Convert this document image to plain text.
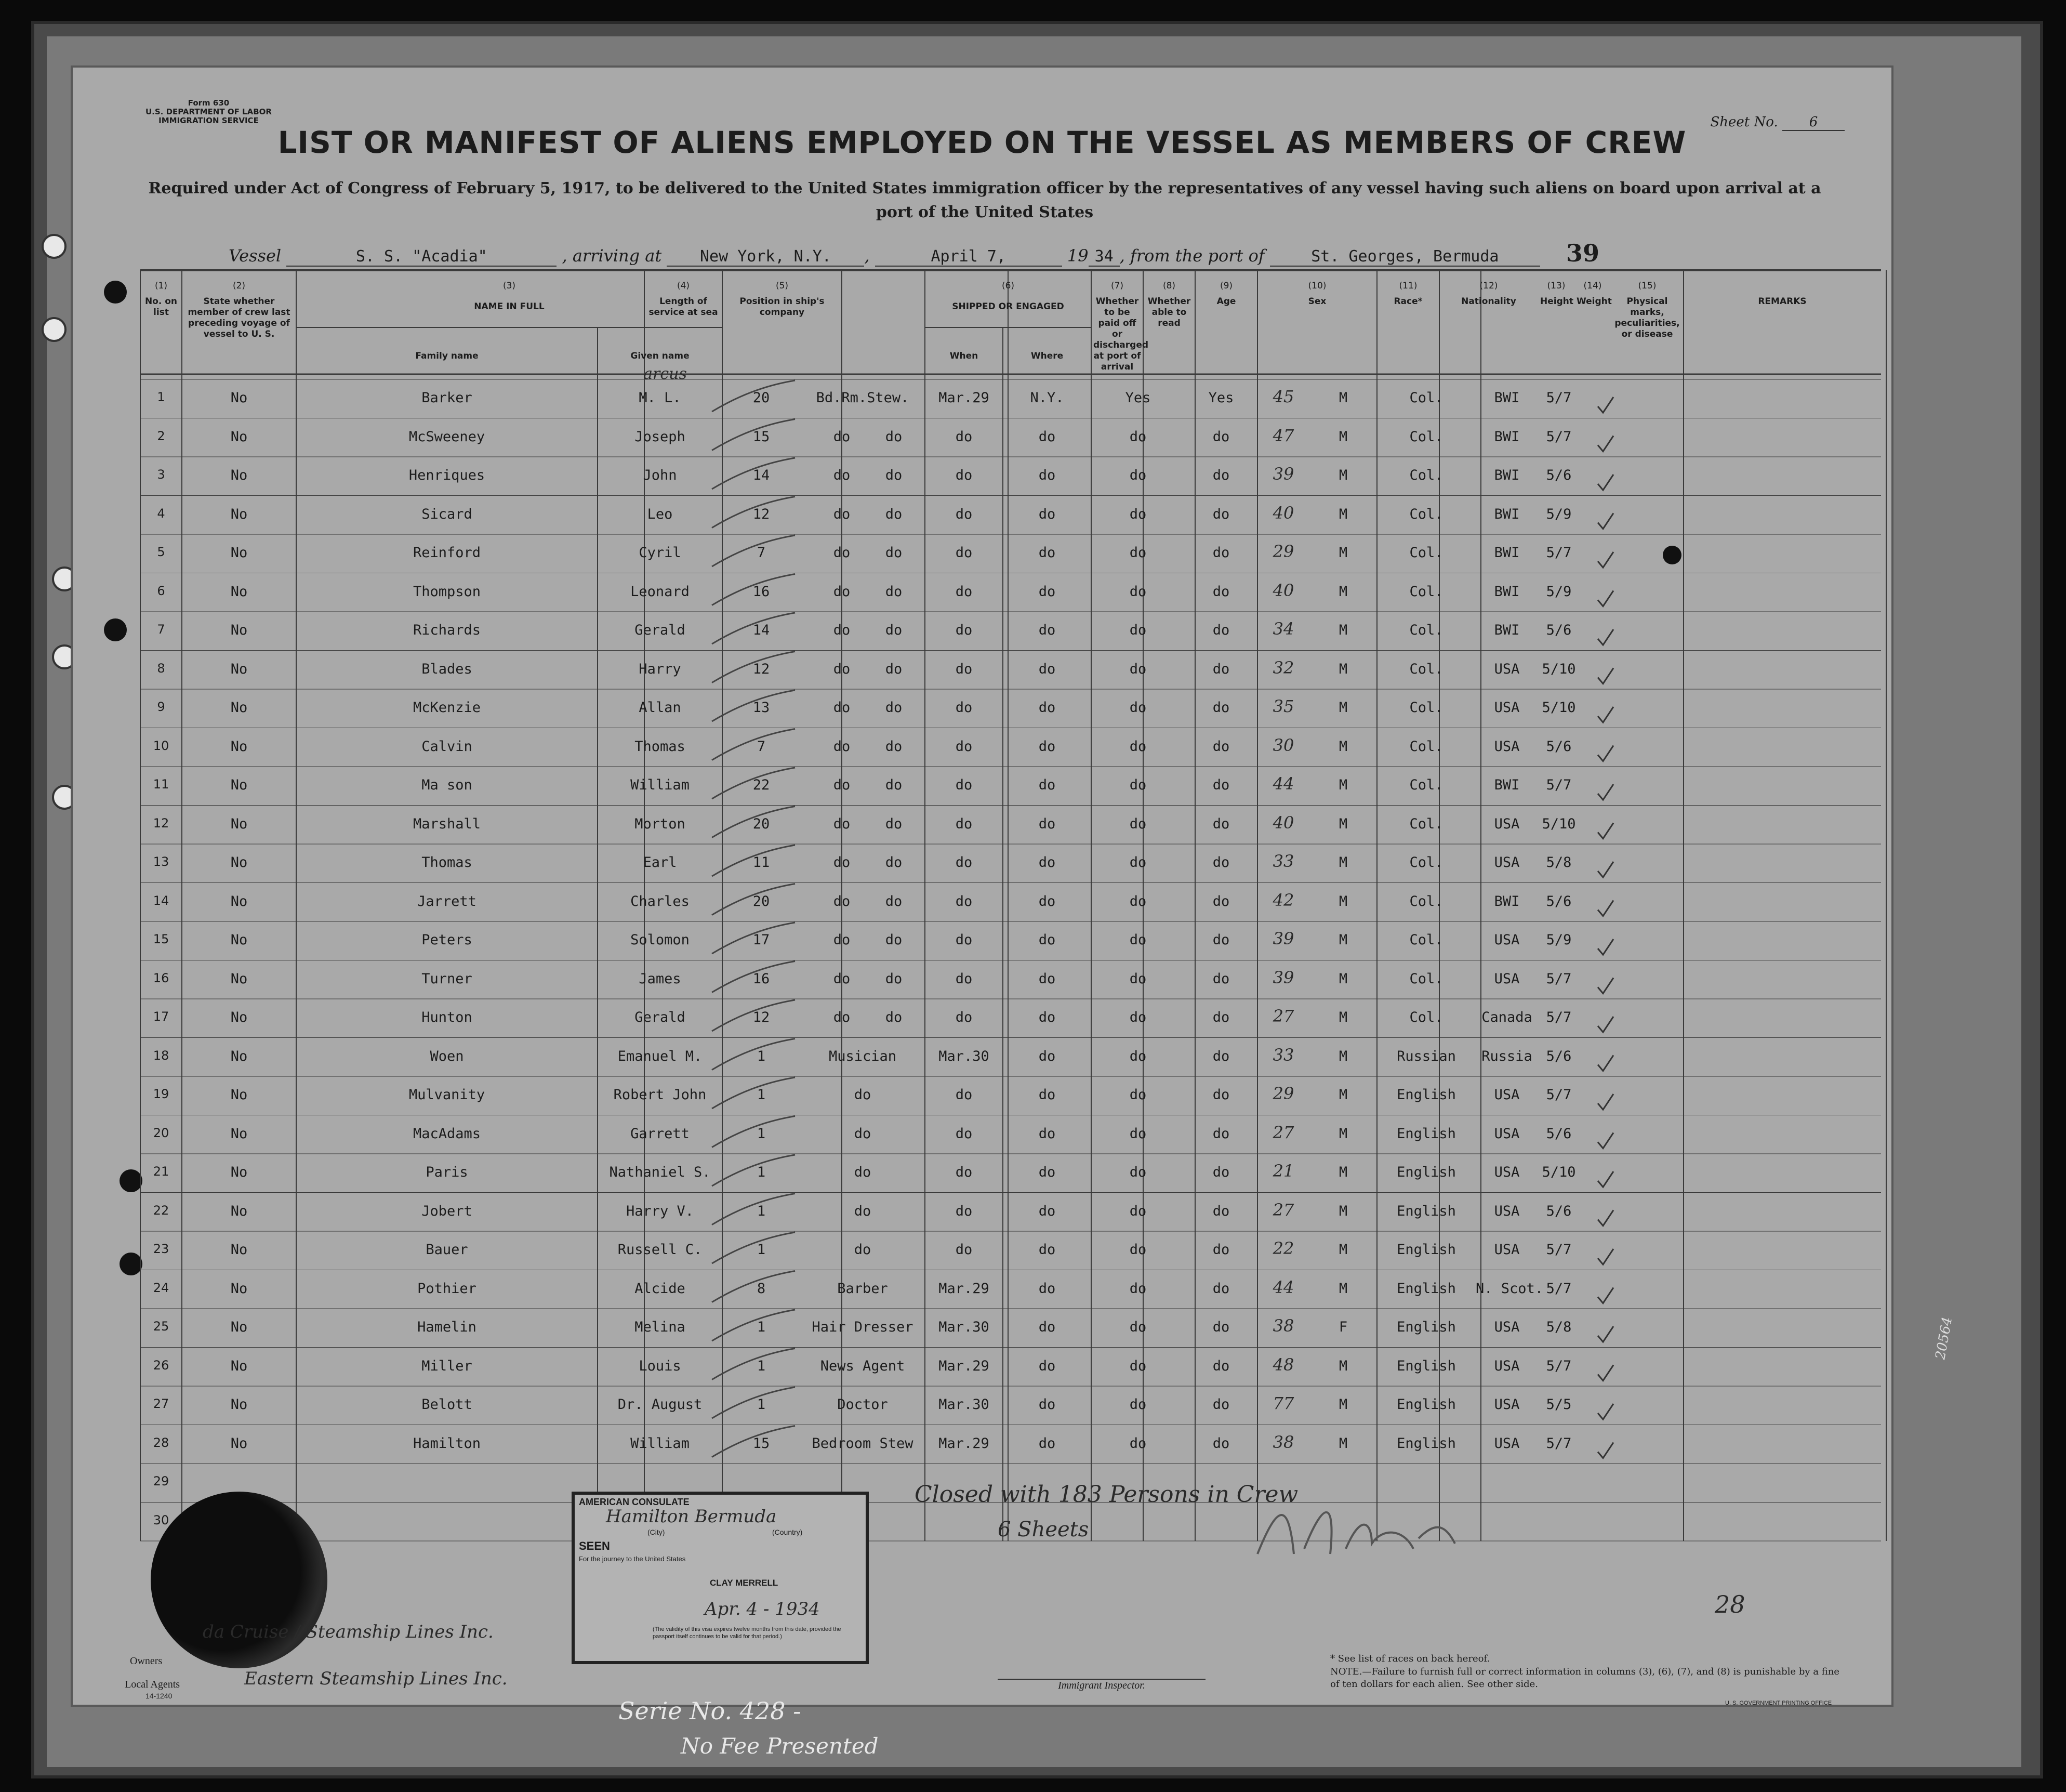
Form 630
U.S. DEPARTMENT OF LABOR
IMMIGRATION SERVICE	Sheet No. 6
LIST OR MANIFEST OF ALIENS EMPLOYED ON THE VESSEL AS MEMBERS OF CREW
Required under Act of Congress of February 5, 1917, to be delivered to the United States immigration officer by the representatives of any vessel having such aliens on board upon arrival at a port of the United States
Vessel	S. S. "Acadia"	, arriving at New York, N.Y. ,	April 7,	19 34 , from the port of	St. Georges, Bermuda	39
(1)
No. on list
(2)
State whether member of crew last preceding voyage of vessel to U. S.
(3)
NAME IN FULL
Family name	Given name
(4)
Length of service at sea
(5)
Position in ship's company
(6)
SHIPPED OR ENGAGED
When	Where
(7)
Whether to be paid off or discharged at port of arrival
(8)
Whether able to read
(9)
Age
(10)
Sex
(11)
Race*
(12)
Nationality
(13)
Height
(14)
Weight
(15)
Physical marks, peculiarities, or disease
REMARKS
1	No	Barker	M. L.	20	Bd.Rm.Stew.	Mar.29	N.Y.	Yes	Yes	45	M	Col.	BWI	5/7
arcus
2	No	McSweeney	Joseph	15	do	do	do	do	do	do	47	M	Col.	BWI	5/7
3	No	Henriques	John	14	do	do	do	do	do	do	39	M	Col.	BWI	5/6
4	No	Sicard	Leo	12	do	do	do	do	do	do	40	M	Col.	BWI	5/9
5	No	Reinford	Cyril	7	do	do	do	do	do	do	29	M	Col.	BWI	5/7
6	No	Thompson	Leonard	16	do	do	do	do	do	do	40	M	Col.	BWI	5/9
7	No	Richards	Gerald	14	do	do	do	do	do	do	34	M	Col.	BWI	5/6
8	No	Blades	Harry	12	do	do	do	do	do	do	32	M	Col.	USA	5/10
9	No	McKenzie	Allan	13	do	do	do	do	do	do	35	M	Col.	USA	5/10
10	No	Calvin	Thomas	7	do	do	do	do	do	do	30	M	Col.	USA	5/6
11	No	Ma son	William	22	do	do	do	do	do	do	44	M	Col.	BWI	5/7
12	No	Marshall	Morton	20	do	do	do	do	do	do	40	M	Col.	USA	5/10
13	No	Thomas	Earl	11	do	do	do	do	do	do	33	M	Col.	USA	5/8
14	No	Jarrett	Charles	20	do	do	do	do	do	do	42	M	Col.	BWI	5/6
15	No	Peters	Solomon	17	do	do	do	do	do	do	39	M	Col.	USA	5/9
16	No	Turner	James	16	do	do	do	do	do	do	39	M	Col.	USA	5/7
17	No	Hunton	Gerald	12	do	do	do	do	do	do	27	M	Col.	Canada 5/7
18	No	Woen	Emanuel M.	1	Musician	Mar.30	do	do	do	33	M	Russian	Russia 5/6
19	No	Mulvanity	Robert John	1	do	do	do	do	do	29	M	English	USA	5/7
20	No	MacAdams	Garrett	1	do	do	do	do	do	27	M	English	USA	5/6
21	No	Paris	Nathaniel S.	1	do	do	do	do	do	21	M	English	USA	5/10
22	No	Jobert	Harry V.	1	do	do	do	do	do	27	M	English	USA	5/6
23	No	Bauer	Russell C.	1	do	do	do	do	do	22	M	English	USA	5/7
24	No	Pothier	Alcide	8	Barber	Mar.29	do	do	do	44	M	English	N. Scot. 5/7
25	No	Hamelin	Melina	1	Hair Dresser	Mar.30	do	do	do	38	F	English	USA	5/8
26	No	Miller	Louis	1	News Agent	Mar.29	do	do	do	48	M	English	USA	5/7
27	No	Belott	Dr. August	1	Doctor	Mar.30	do	do	do	77	M	English	USA	5/5
28	No	Hamilton	William	15	Bedroom Stew	Mar.29	do	do	do	38	M	English	USA	5/7
29
30
AMERICAN CONSULATE
Hamilton Bermuda
(City)	(Country)
SEEN
For the journey to the United States
CLAY MERRELL
Apr. 4 - 1934
(The validity of this visa expires twelve months from this date, provided the passport itself continues to be valid for that period.)
Closed with 183 Persons in Crew
6 Sheets
28
Owners
da Cruise / Steamship Lines Inc.
Local Agents	Eastern Steamship Lines Inc.
14-1240
Immigrant Inspector.
* See list of races on back hereof.
NOTE.—Failure to furnish full or correct information in columns (3), (6), (7), and (8) is punishable by a fine of ten dollars for each alien. See other side.
U. S. GOVERNMENT PRINTING OFFICE
Serie No. 428 -
No Fee Presented
20564
